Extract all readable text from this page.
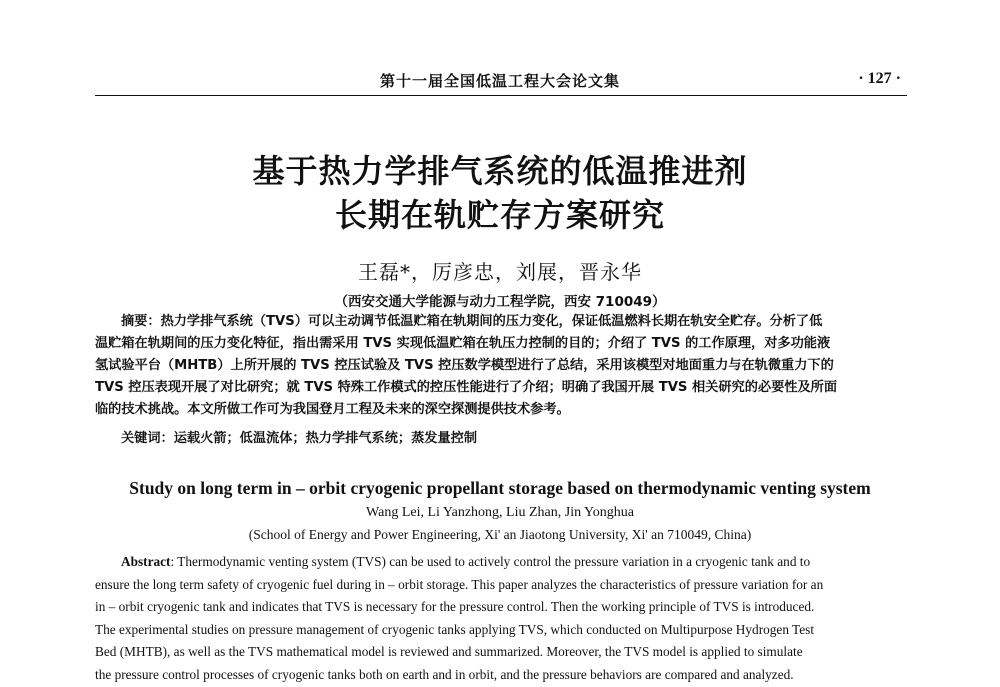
第十一届全国低温工程大会论文集	· 127 ·
基于热力学排气系统的低温推进剂
长期在轨贮存方案研究
王磊*，厉彦忠，刘展，晋永华
（西安交通大学能源与动力工程学院，西安 710049）
摘要：热力学排气系统（TVS）可以主动调节低温贮箱在轨期间的压力变化，保证低温燃料长期在轨安全贮存。分析了低
温贮箱在轨期间的压力变化特征，指出需采用 TVS 实现低温贮箱在轨压力控制的目的；介绍了 TVS 的工作原理，对多功能液
氢试验平台（MHTB）上所开展的 TVS 控压试验及 TVS 控压数学模型进行了总结，采用该模型对地面重力与在轨微重力下的
TVS 控压表现开展了对比研究；就 TVS 特殊工作模式的控压性能进行了介绍；明确了我国开展 TVS 相关研究的必要性及所面
临的技术挑战。本文所做工作可为我国登月工程及未来的深空探测提供技术参考。
关键词：运载火箭；低温流体；热力学排气系统；蒸发量控制
Study on long term in – orbit cryogenic propellant storage based on thermodynamic venting system
Wang Lei, Li Yanzhong, Liu Zhan, Jin Yonghua
(School of Energy and Power Engineering, Xi' an Jiaotong University, Xi' an 710049, China)
Abstract: Thermodynamic venting system (TVS) can be used to actively control the pressure variation in a cryogenic tank and to
ensure the long term safety of cryogenic fuel during in – orbit storage. This paper analyzes the characteristics of pressure variation for an
in – orbit cryogenic tank and indicates that TVS is necessary for the pressure control. Then the working principle of TVS is introduced.
The experimental studies on pressure management of cryogenic tanks applying TVS, which conducted on Multipurpose Hydrogen Test
Bed (MHTB), as well as the TVS mathematical model is reviewed and summarized. Moreover, the TVS model is applied to simulate
the pressure control processes of cryogenic tanks both on earth and in orbit, and the pressure behaviors are compared and analyzed.
